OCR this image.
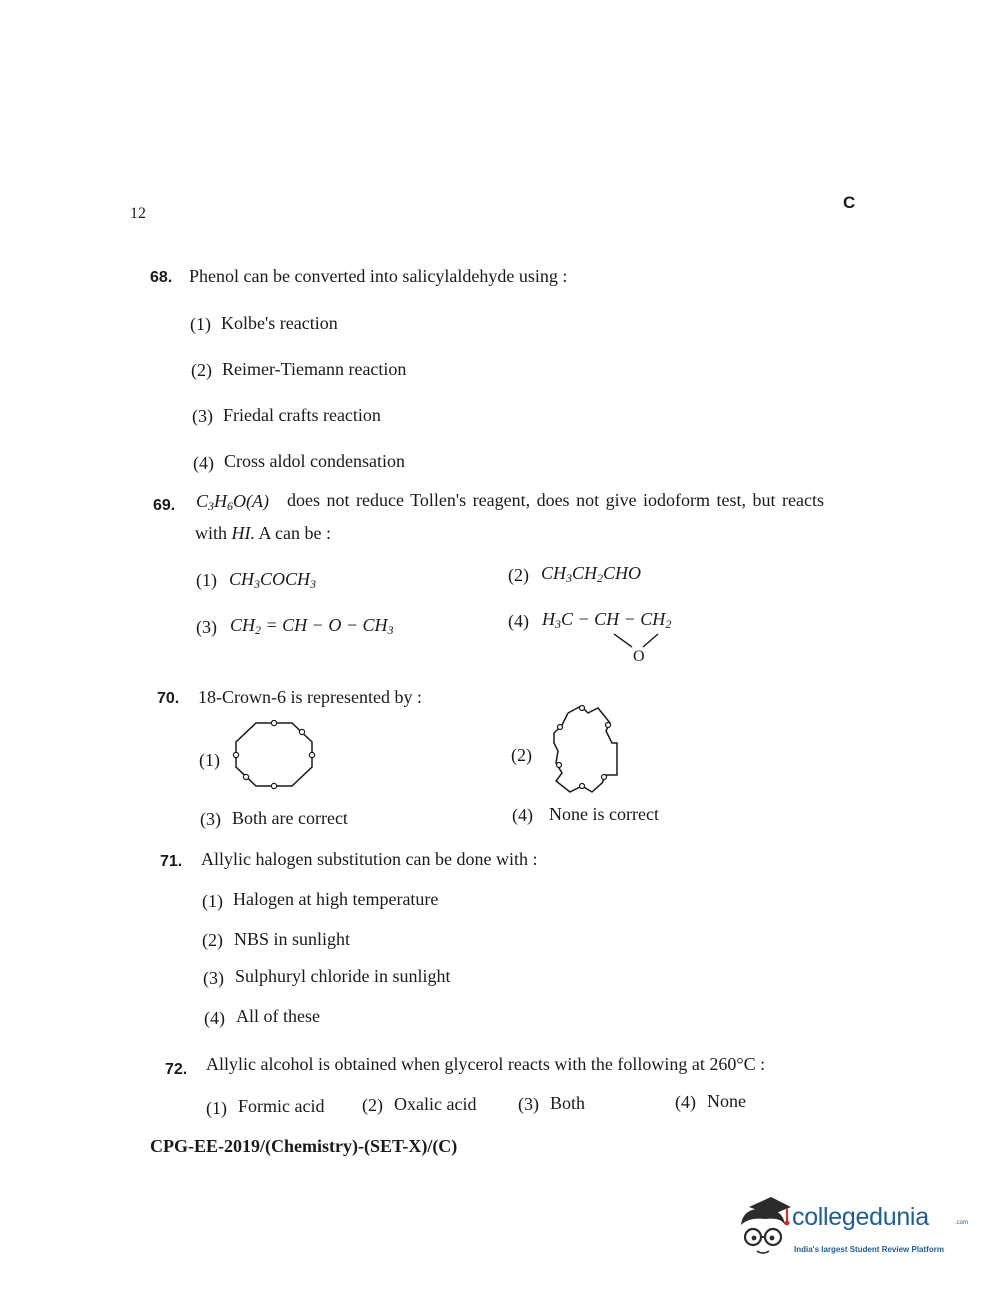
12
C
68. Phenol can be converted into salicylaldehyde using :
(1) Kolbe's reaction
(2) Reimer-Tiemann reaction
(3) Friedal crafts reaction
(4) Cross aldol condensation
69. $C_3H_6O(A)$ does not reduce Tollen's reagent, does not give iodoform test, but reacts
with HI. A can be :
(1) $CH_3COCH_3$	(2) $CH_3CH_2CHO$
(3) $CH_2$ = CH − $O - CH_3$	(4) $H_3C$ − CH − $CH_2$
O
70. 18-Crown-6 is represented by :
(1)	(2)
(3) Both are correct	(4) None is correct
71. Allylic halogen substitution can be done with :
(1) Halogen at high temperature
(2) NBS in sunlight
(3) Sulphuryl chloride in sunlight
(4) All of these
72. Allylic alcohol is obtained when glycerol reacts with the following at 260°C :
(1) Formic acid (2) Oxalic acid (3) Both	(4) None
CPG-EE-2019/(Chemistry)-(SET-X)/(C)
collegedunia	.com
India's largest Student Review Platform
